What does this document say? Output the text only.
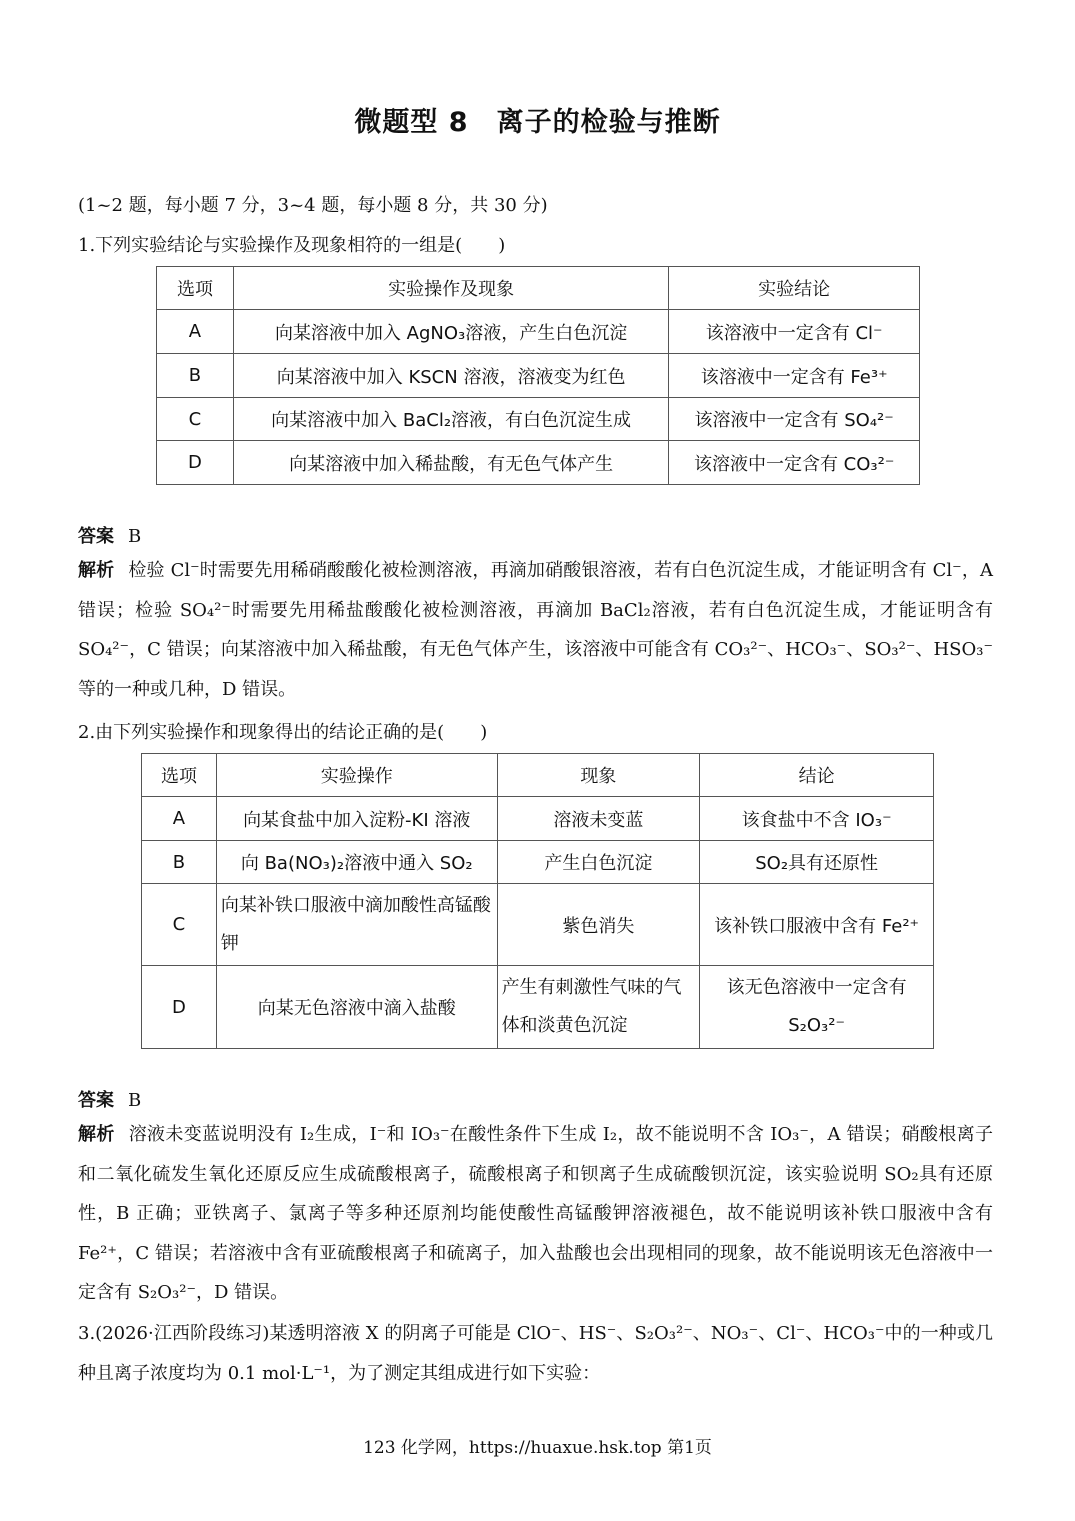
微题型 8　离子的检验与推断
(1~2 题，每小题 7 分，3~4 题，每小题 8 分，共 30 分)
1.下列实验结论与实验操作及现象相符的一组是(　　)
选项	实验操作及现象	实验结论
A	向某溶液中加入 AgNO₃溶液，产生白色沉淀	该溶液中一定含有 Cl⁻
B	向某溶液中加入 KSCN 溶液，溶液变为红色	该溶液中一定含有 Fe³⁺
C	向某溶液中加入 BaCl₂溶液，有白色沉淀生成	该溶液中一定含有 SO₄²⁻
D	向某溶液中加入稀盐酸，有无色气体产生	该溶液中一定含有 CO₃²⁻
答案 B
解析 检验 Cl⁻时需要先用稀硝酸酸化被检测溶液，再滴加硝酸银溶液，若有白色沉淀生成，才能证明含有 Cl⁻，A 错误；检验 SO₄²⁻时需要先用稀盐酸酸化被检测溶液，再滴加 BaCl₂溶液，若有白色沉淀生成，才能证明含有 SO₄²⁻，C 错误；向某溶液中加入稀盐酸，有无色气体产生，该溶液中可能含有 CO₃²⁻、HCO₃⁻、SO₃²⁻、HSO₃⁻等的一种或几种，D 错误。
2.由下列实验操作和现象得出的结论正确的是(　　)
选项	实验操作	现象	结论
A	向某食盐中加入淀粉-KI 溶液	溶液未变蓝	该食盐中不含 IO₃⁻
B	向 Ba(NO₃)₂溶液中通入 SO₂	产生白色沉淀	SO₂具有还原性
C	向某补铁口服液中滴加酸性高锰酸钾	紫色消失	该补铁口服液中含有 Fe²⁺
D	向某无色溶液中滴入盐酸	产生有刺激性气味的气体和淡黄色沉淀	该无色溶液中一定含有S₂O₃²⁻
答案 B
解析 溶液未变蓝说明没有 I₂生成，I⁻和 IO₃⁻在酸性条件下生成 I₂，故不能说明不含 IO₃⁻，A 错误；硝酸根离子和二氧化硫发生氧化还原反应生成硫酸根离子，硫酸根离子和钡离子生成硫酸钡沉淀，该实验说明 SO₂具有还原性，B 正确；亚铁离子、氯离子等多种还原剂均能使酸性高锰酸钾溶液褪色，故不能说明该补铁口服液中含有 Fe²⁺，C 错误；若溶液中含有亚硫酸根离子和硫离子，加入盐酸也会出现相同的现象，故不能说明该无色溶液中一定含有 S₂O₃²⁻，D 错误。
3.(2026·江西阶段练习)某透明溶液 X 的阴离子可能是 ClO⁻、HS⁻、S₂O₃²⁻、NO₃⁻、Cl⁻、HCO₃⁻中的一种或几种且离子浓度均为 0.1 mol·L⁻¹，为了测定其组成进行如下实验：
123 化学网，https://huaxue.hsk.top 第1页
